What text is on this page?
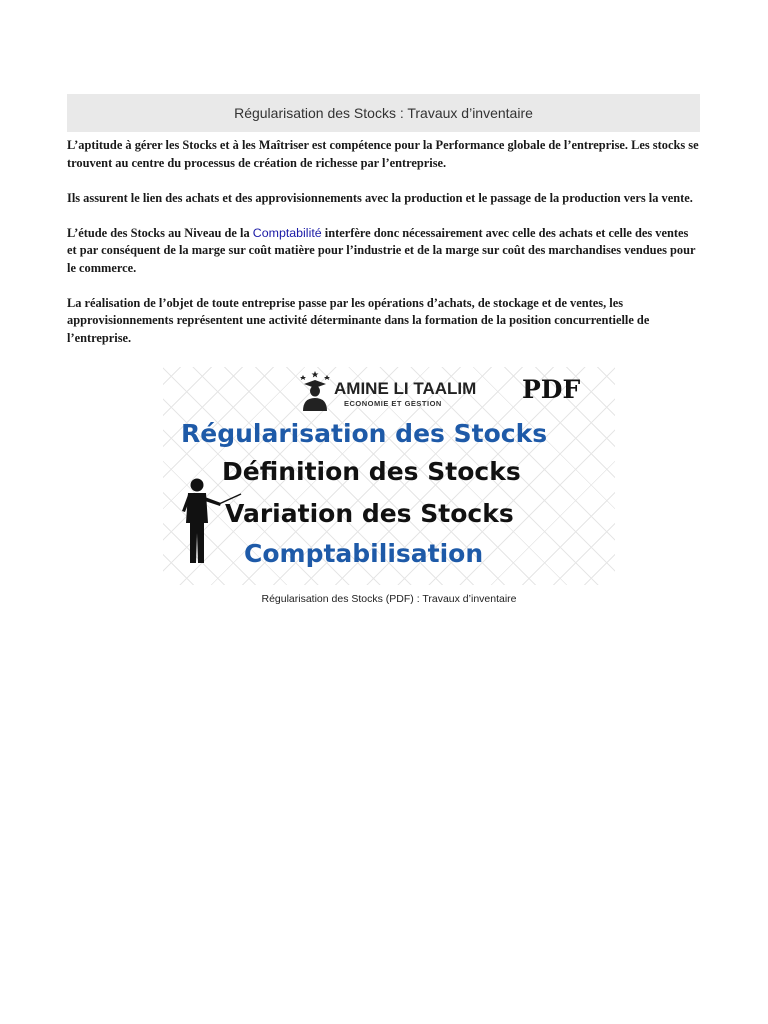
Régularisation des Stocks : Travaux d’inventaire

L’aptitude à gérer les Stocks et à les Maîtriser est compétence pour la Performance globale de l’entreprise. Les stocks se trouvent au centre du processus de création de richesse par l’entreprise.

Ils assurent le lien des achats et des approvisionnements avec la production et le passage de la production vers la vente.

L’étude des Stocks au Niveau de la Comptabilité interfère donc nécessairement avec celle des achats et celle des ventes et par conséquent de la marge sur coût matière pour l’industrie et de la marge sur coût des marchandises vendues pour le commerce.

La réalisation de l’objet de toute entreprise passe par les opérations d’achats, de stockage et de ventes, les approvisionnements représentent une activité déterminante dans la formation de la position concurrentielle de l’entreprise.

AMINE LI TAALIM
ECONOMIE ET GESTION	PDF
Régularisation des Stocks
Définition des Stocks
Variation des Stocks
Comptabilisation
Régularisation des Stocks (PDF) : Travaux d’inventaire
